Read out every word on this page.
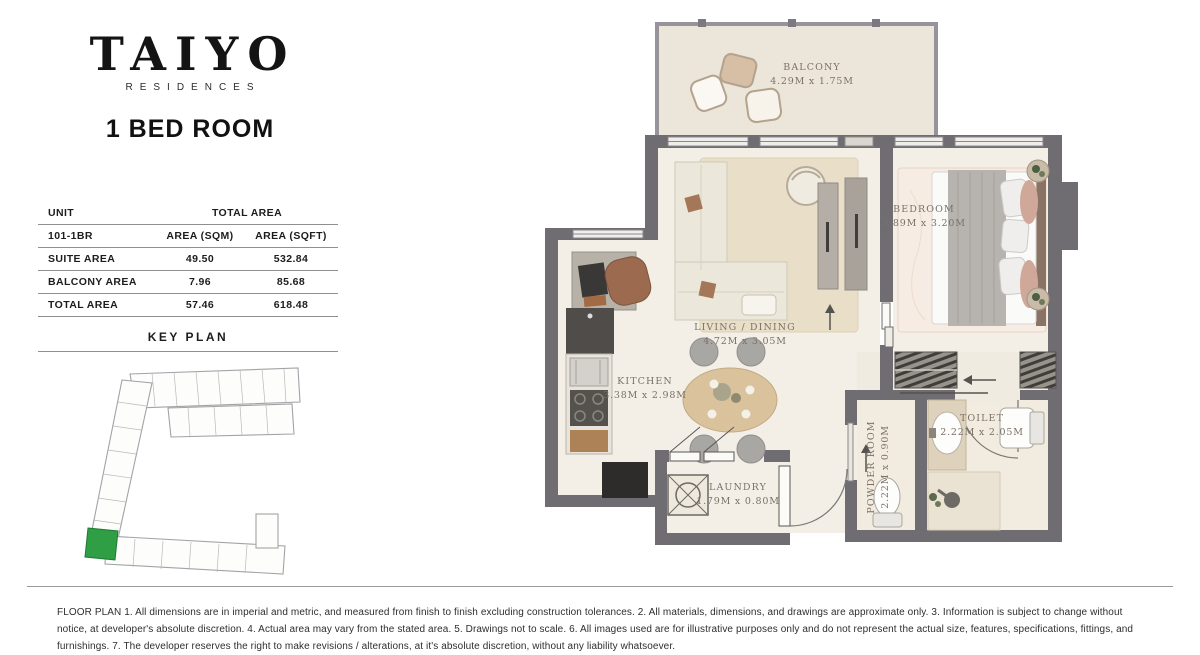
TAIYO
RESIDENCES
1 BED ROOM
UNIT	TOTAL AREA
101-1BR	AREA (SQM)	AREA (SQFT)
SUITE AREA	49.50	532.84
BALCONY AREA	7.96	85.68
TOTAL AREA	57.46	618.48
KEY PLAN
BALCONY
4.29M x 1.75M
BEDROOM
3.89M x 3.20M
LIVING / DINING
4.72M x 3.05M
KITCHEN
3.38M x 2.98M
LAUNDRY
1.79M x 0.80M	POWDER ROOM 2.22M x 0.90M
TOILET
2.22M x 2.05M

FLOOR PLAN 1. All dimensions are in imperial and metric, and measured from finish to finish excluding construction tolerances. 2. All materials, dimensions, and drawings are approximate only. 3. Information is subject to change without notice, at developer's absolute discretion. 4. Actual area may vary from the stated area. 5. Drawings not to scale. 6. All images used are for illustrative purposes only and do not represent the actual size, features, specifications, fittings, and furnishings. 7. The developer reserves the right to make revisions / alterations, at it's absolute discretion, without any liability whatsoever.
